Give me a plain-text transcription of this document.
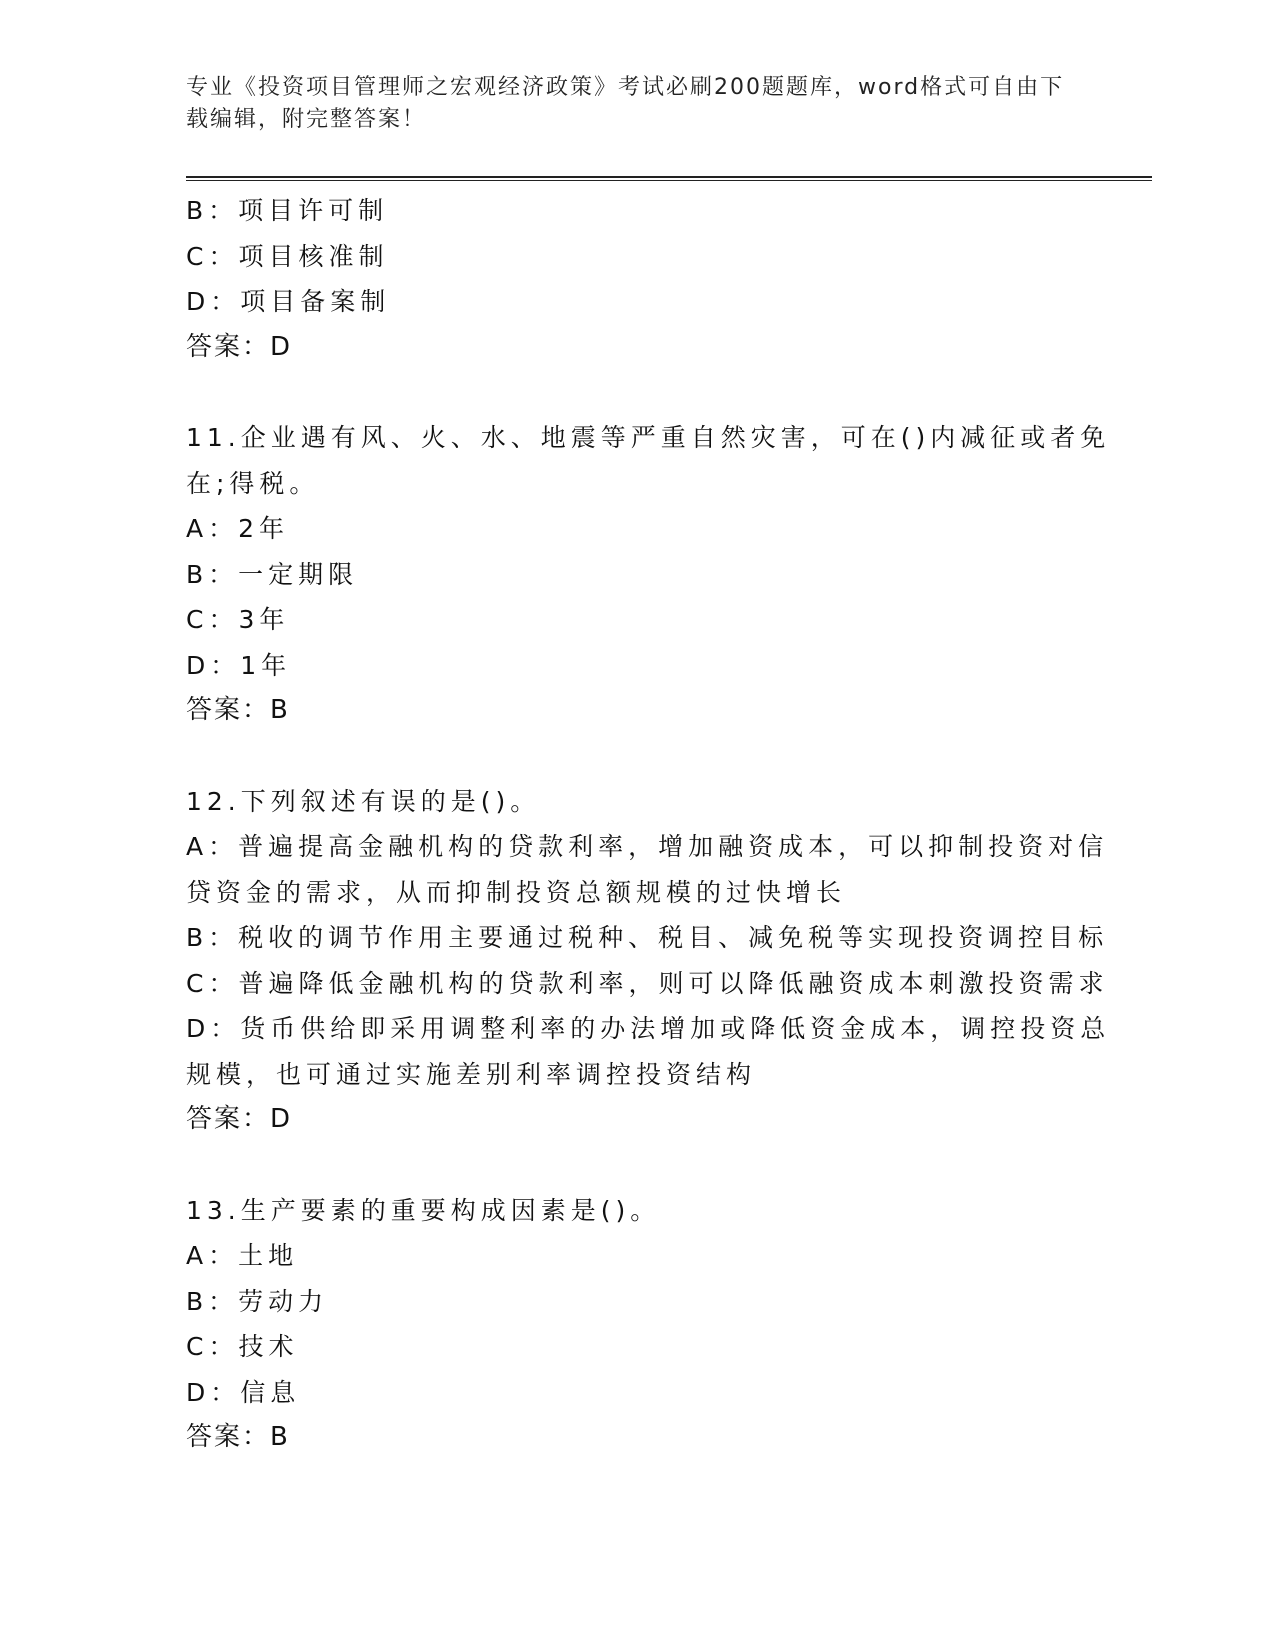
专业《投资项目管理师之宏观经济政策》考试必刷200题题库，word格式可自由下载编辑，附完整答案！
B：项目许可制
C：项目核准制
D：项目备案制
答案：D
11.企业遇有风、火、水、地震等严重自然灾害，可在()内减征或者免
在;得税。
A：2年
B：一定期限
C：3年
D：1年
答案：B
12.下列叙述有误的是()。
A：普遍提高金融机构的贷款利率，增加融资成本，可以抑制投资对信
贷资金的需求，从而抑制投资总额规模的过快增长
B：税收的调节作用主要通过税种、税目、减免税等实现投资调控目标
C：普遍降低金融机构的贷款利率，则可以降低融资成本刺激投资需求
D：货币供给即采用调整利率的办法增加或降低资金成本，调控投资总
规模，也可通过实施差别利率调控投资结构
答案：D
13.生产要素的重要构成因素是()。
A：土地
B：劳动力
C：技术
D：信息
答案：B
